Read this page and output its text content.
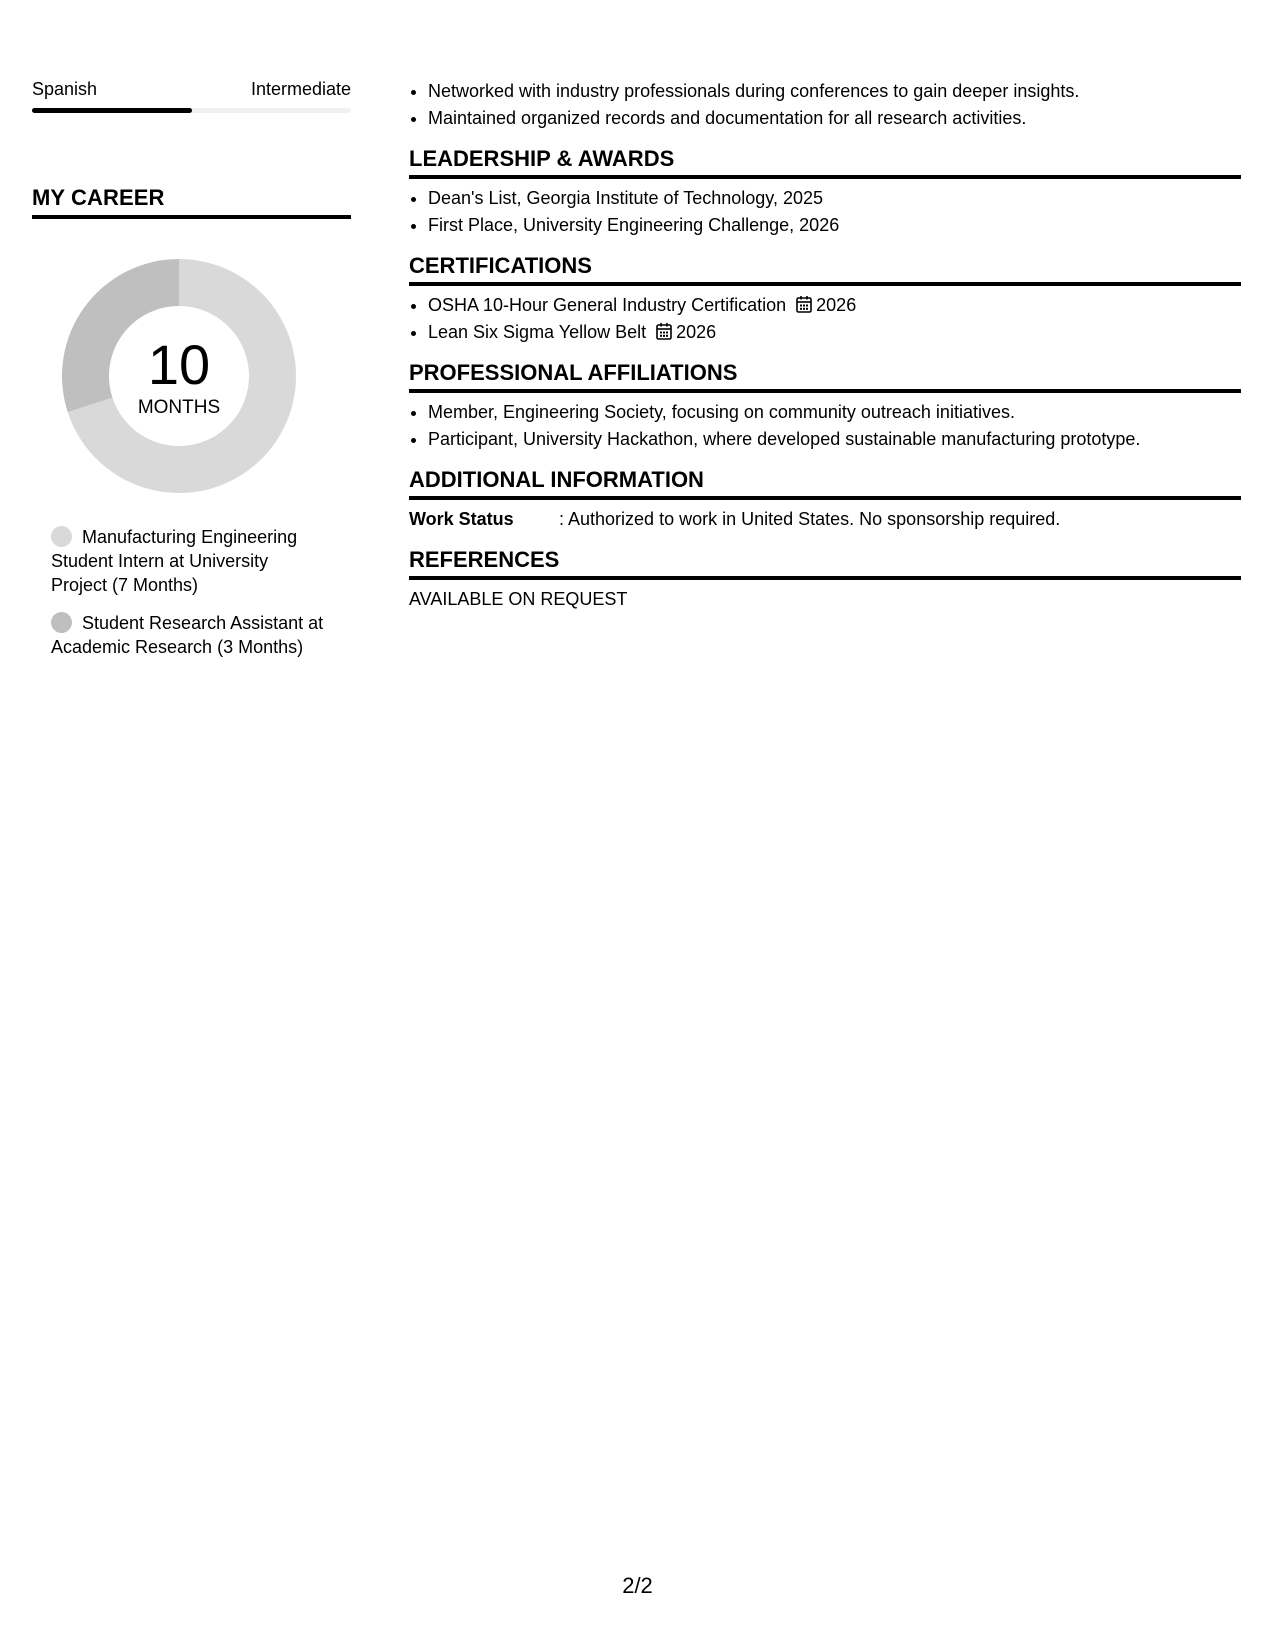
Spanish	Intermediate
MY CAREER
10
MONTHS
Manufacturing Engineering Student Intern at University Project (7 Months)
Student Research Assistant at Academic Research (3 Months)
• Networked with industry professionals during conferences to gain deeper insights.
• Maintained organized records and documentation for all research activities.
LEADERSHIP & AWARDS
• Dean's List, Georgia Institute of Technology, 2025
• First Place, University Engineering Challenge, 2026
CERTIFICATIONS
• OSHA 10-Hour General Industry Certification 2026
• Lean Six Sigma Yellow Belt 2026
PROFESSIONAL AFFILIATIONS
• Member, Engineering Society, focusing on community outreach initiatives.
• Participant, University Hackathon, where developed sustainable manufacturing prototype.
ADDITIONAL INFORMATION
Work Status	: Authorized to work in United States. No sponsorship required.
REFERENCES
AVAILABLE ON REQUEST
2/2
